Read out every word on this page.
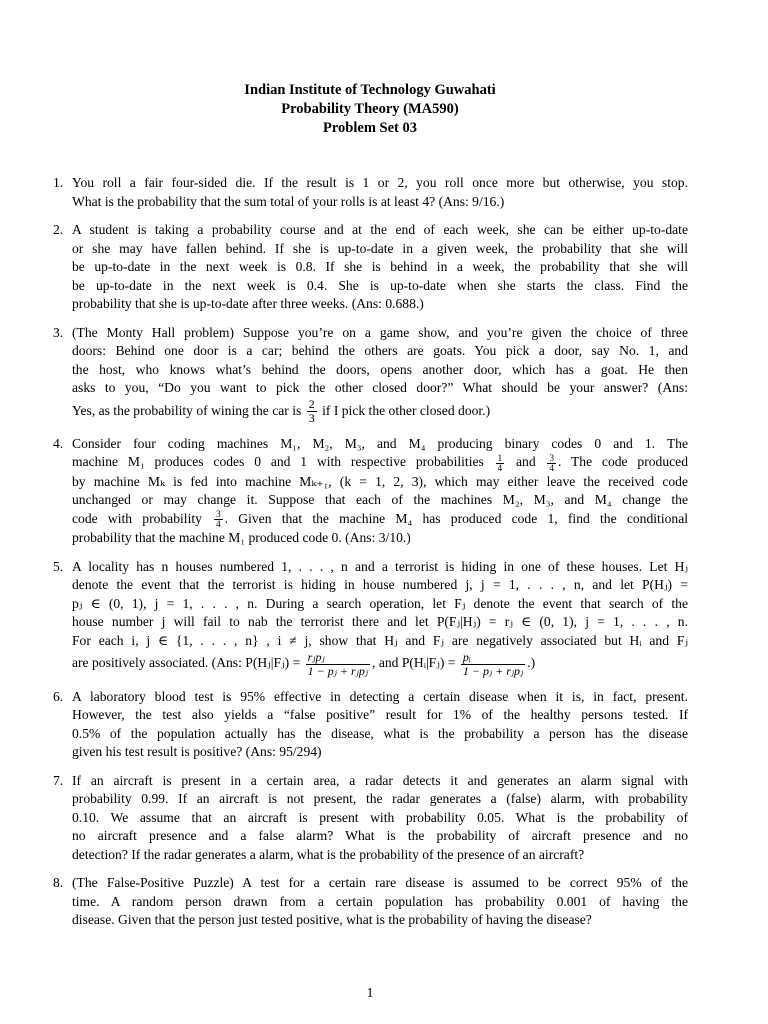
Indian Institute of Technology Guwahati
Probability Theory (MA590)
Problem Set 03
1. You roll a fair four-sided die. If the result is 1 or 2, you roll once more but otherwise, you stop.
What is the probability that the sum total of your rolls is at least 4? (Ans: 9/16.)
2. A student is taking a probability course and at the end of each week, she can be either up-to-date
or she may have fallen behind. If she is up-to-date in a given week, the probability that she will
be up-to-date in the next week is 0.8. If she is behind in a week, the probability that she will
be up-to-date in the next week is 0.4. She is up-to-date when she starts the class. Find the
probability that she is up-to-date after three weeks. (Ans: 0.688.)
3. (The Monty Hall problem) Suppose you’re on a game show, and you’re given the choice of three
doors: Behind one door is a car; behind the others are goats. You pick a door, say No. 1, and
the host, who knows what’s behind the doors, opens another door, which has a goat. He then
asks to you, “Do you want to pick the other closed door?” What should be your answer? (Ans:
Yes, as the probability of wining the car is $\frac{2}{3}$ if I pick the other closed door.)
4. Consider four coding machines M₁, M₂, M₃, and M₄ producing binary codes 0 and 1. The
machine M₁ produces codes 0 and 1 with respective probabilities $\frac{1}{4}$ and $\frac{3}{4}$ . The code produced
by machine Mₖ is fed into machine Mₖ₊₁, (k = 1, 2, 3), which may either leave the received code
unchanged or may change it. Suppose that each of the machines M₂, M₃, and M₄ change the
code with probability $\frac{3}{4}$ . Given that the machine M₄ has produced code 1, find the conditional
probability that the machine M₁ produced code 0. (Ans: 3/10.)
5. A locality has n houses numbered 1, . . . , n and a terrorist is hiding in one of these houses. Let Hⱼ
denote the event that the terrorist is hiding in house numbered j, j = 1, . . . , n, and let P(Hⱼ) =
pⱼ ∈ (0, 1), j = 1, . . . , n. During a search operation, let Fⱼ denote the event that search of the
house number j will fail to nab the terrorist there and let P(Fⱼ|Hⱼ) = rⱼ ∈ (0, 1), j = 1, . . . , n.
For each i, j ∈ {1, . . . , n} , i ≠ j, show that Hⱼ and Fⱼ are negatively associated but Hᵢ and Fⱼ
are positively associated. (Ans: P(Hⱼ|Fⱼ) = $\frac{\text{rⱼpⱼ}}{\text{1 − pⱼ + rⱼpⱼ}}$ , and P(Hᵢ|Fⱼ) = $\frac{\text{pᵢ}}{\text{1 − pⱼ + rⱼpⱼ}}$ .)
6. A laboratory blood test is 95% effective in detecting a certain disease when it is, in fact, present.
However, the test also yields a “false positive” result for 1% of the healthy persons tested. If
0.5% of the population actually has the disease, what is the probability a person has the disease
given his test result is positive? (Ans: 95/294)
7. If an aircraft is present in a certain area, a radar detects it and generates an alarm signal with
probability 0.99. If an aircraft is not present, the radar generates a (false) alarm, with probability
0.10. We assume that an aircraft is present with probability 0.05. What is the probability of
no aircraft presence and a false alarm? What is the probability of aircraft presence and no
detection? If the radar generates a alarm, what is the probability of the presence of an aircraft?
8. (The False-Positive Puzzle) A test for a certain rare disease is assumed to be correct 95% of the
time. A random person drawn from a certain population has probability 0.001 of having the
disease. Given that the person just tested positive, what is the probability of having the disease?
1
